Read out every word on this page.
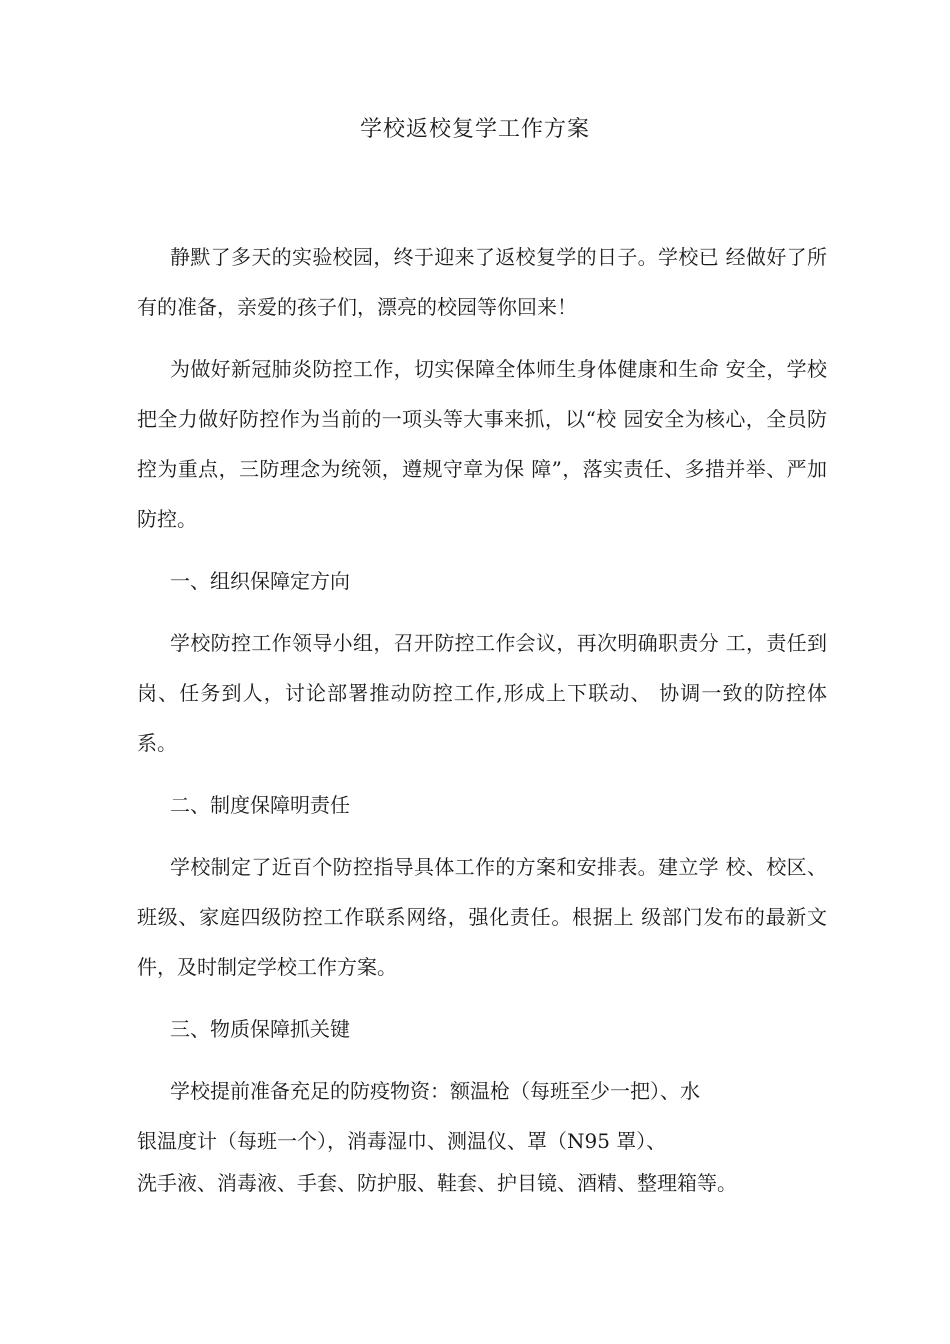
学校返校复学工作方案

静默了多天的实验校园，终于迎来了返校复学的日子。学校已 经做好了所有的准备，亲爱的孩子们，漂亮的校园等你回来！

为做好新冠肺炎防控工作，切实保障全体师生身体健康和生命 安全，学校把全力做好防控作为当前的一项头等大事来抓，以“校 园安全为核心，全员防控为重点，三防理念为统领，遵规守章为保 障”，落实责任、多措并举、严加防控。

一、组织保障定方向

学校防控工作领导小组，召开防控工作会议，再次明确职责分 工，责任到岗、任务到人，讨论部署推动防控工作,形成上下联动、 协调一致的防控体系。

二、制度保障明责任

学校制定了近百个防控指导具体工作的方案和安排表。建立学 校、校区、班级、家庭四级防控工作联系网络，强化责任。根据上 级部门发布的最新文件，及时制定学校工作方案。

三、物质保障抓关键

学校提前准备充足的防疫物资：额温枪（每班至少一把）、水
银温度计（每班一个），消毒湿巾、测温仪、罩（N95 罩）、
洗手液、消毒液、手套、防护服、鞋套、护目镜、酒精、整理箱等。
